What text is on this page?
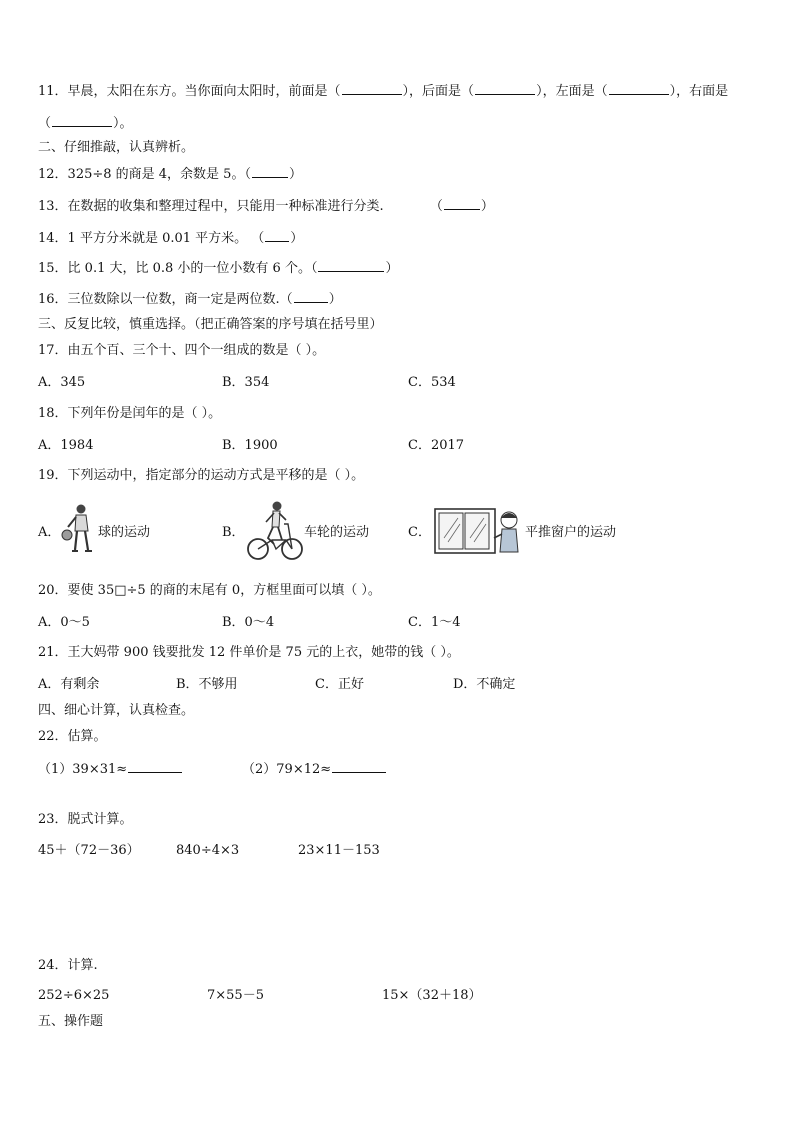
11．早晨，太阳在东方。当你面向太阳时，前面是（	），后面是（	），左面是（	），右面是
（	）。
二、仔细推敲，认真辨析。
12．325÷8 的商是 4，余数是 5。（	）
13．在数据的收集和整理过程中，只能用一种标准进行分类.	（	）
14．1 平方分米就是 0.01 平方米。 （ ）
15．比 0.1 大，比 0.8 小的一位小数有 6 个。（	）
16．三位数除以一位数，商一定是两位数.（	）
三、反复比较，慎重选择。（把正确答案的序号填在括号里）
17．由五个百、三个十、四个一组成的数是（ ）。
A．345	B．354	C．534
18．下列年份是闰年的是（ ）。
A．1984	B．1900	C．2017
19．下列运动中，指定部分的运动方式是平移的是（ ）。
A．	球的运动	B．	车轮的运动	C．	平推窗户的运动
20．要使 35□÷5 的商的末尾有 0，方框里面可以填（ ）。
A．0～5	B．0～4	C．1～4
21．王大妈带 900 钱要批发 12 件单价是 75 元的上衣，她带的钱（ ）。
A．有剩余	B．不够用	C．正好	D．不确定
四、细心计算，认真检查。
22．估算。
（1）39×31≈	（2）79×12≈
23．脱式计算。
45＋（72－36）	840÷4×3	23×11－153
24．计算.
252÷6×25	7×55－5	15×（32＋18）
五、操作题
